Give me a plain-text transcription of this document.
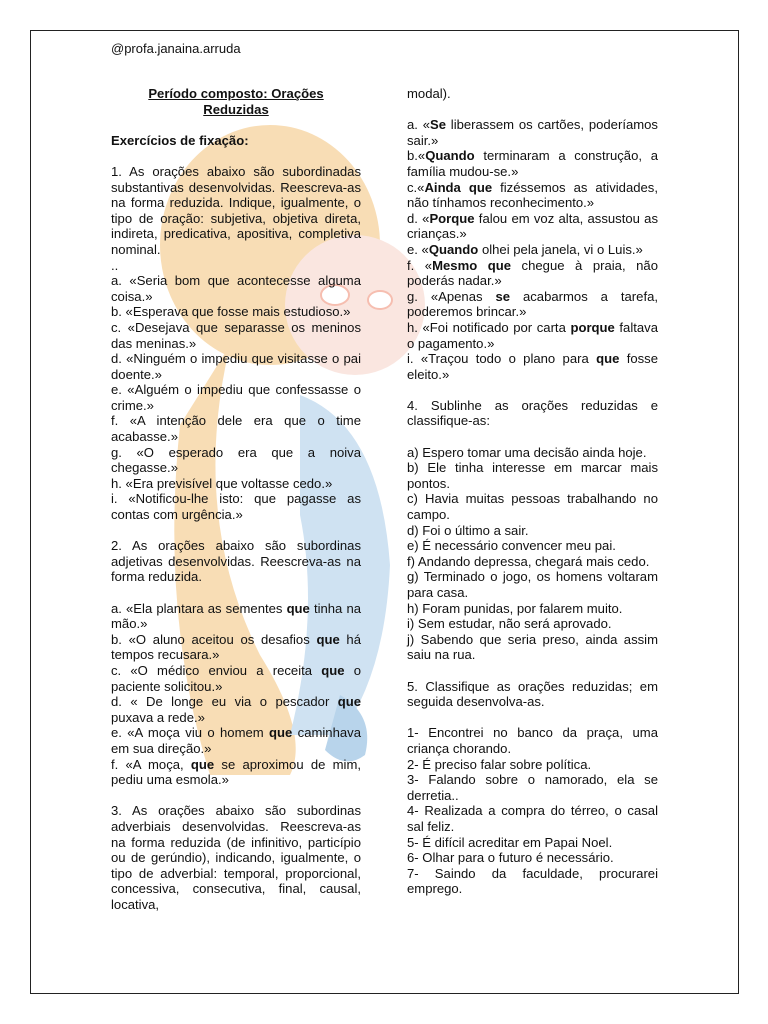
@profa.janaina.arruda

Período composto: Orações

Reduzidas

Exercícios de fixação:

1. As orações abaixo são subordinadas substantivas desenvolvidas. Reescreva-as na forma reduzida. Indique, igualmente, o tipo de oração: subjetiva, objetiva direta, indireta, predicativa, apositiva, completiva nominal.

..

a. «Seria bom que acontecesse alguma coisa.»

b. «Esperava que fosse mais estudioso.»

c. «Desejava que separasse os meninos das meninas.»

d. «Ninguém o impediu que visitasse o pai doente.»

e. «Alguém o impediu que confessasse o crime.»

f. «A intenção dele era que o time acabasse.»

g. «O esperado era que a noiva chegasse.»

h. «Era previsível que voltasse cedo.»

i. «Notificou-lhe isto: que pagasse as contas com urgência.»

2. As orações abaixo são subordinas adjetivas desenvolvidas. Reescreva-as na forma reduzida.

a. «Ela plantara as sementes que tinha na mão.»

b. «O aluno aceitou os desafios que há tempos recusara.»

c. «O médico enviou a receita que o paciente solicitou.»

d. « De longe eu via o pescador que puxava a rede.»

e. «A moça viu o homem que caminhava em sua direção.»

f. «A moça, que se aproximou de mim, pediu uma esmola.»

3. As orações abaixo são subordinas adverbiais desenvolvidas. Reescreva-as na forma reduzida (de infinitivo, particípio ou de gerúndio), indicando, igualmente, o tipo de adverbial: temporal, proporcional, concessiva, consecutiva, final, causal, locativa,

modal).

a. «Se liberassem os cartões, poderíamos sair.»

b.«Quando terminaram a construção, a família mudou-se.»

c.«Ainda que fizéssemos as atividades, não tínhamos reconhecimento.»

d. «Porque falou em voz alta, assustou as crianças.»

e. «Quando olhei pela janela, vi o Luis.»

f. «Mesmo que chegue à praia, não poderás nadar.»

g. «Apenas se acabarmos a tarefa, poderemos brincar.»

h. «Foi notificado por carta porque faltava o pagamento.»

i. «Traçou todo o plano para que fosse eleito.»

4. Sublinhe as orações reduzidas e classifique-as:

a) Espero tomar uma decisão ainda hoje.

b) Ele tinha interesse em marcar mais pontos.

c) Havia muitas pessoas trabalhando no campo.

d) Foi o último a sair.

e) É necessário convencer meu pai.

f) Andando depressa, chegará mais cedo.

g) Terminado o jogo, os homens voltaram para casa.

h) Foram punidas, por falarem muito.

i) Sem estudar, não será aprovado.

j) Sabendo que seria preso, ainda assim saiu na rua.

5. Classifique as orações reduzidas; em seguida desenvolva-as.

1- Encontrei no banco da praça, uma criança chorando.

2- É preciso falar sobre política.

3- Falando sobre o namorado, ela se derretia..

4- Realizada a compra do térreo, o casal sal feliz.

5- É difícil acreditar em Papai Noel.

6- Olhar para o futuro é necessário.

7- Saindo da faculdade, procurarei emprego.
